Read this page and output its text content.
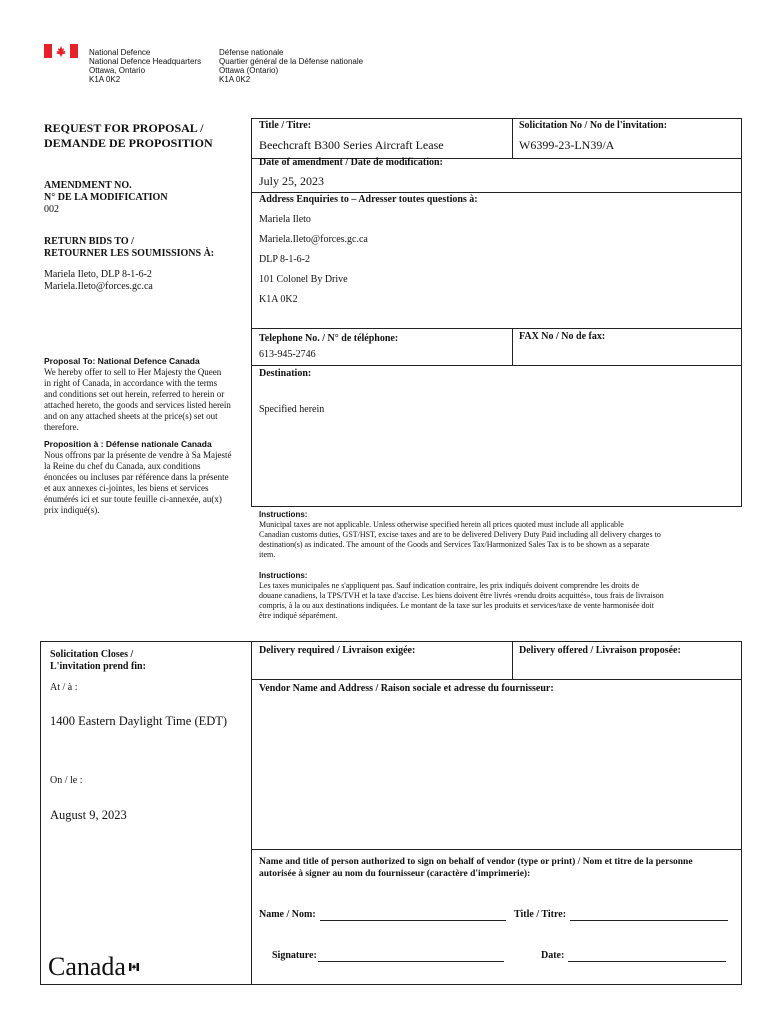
National Defence
National Defence Headquarters
Ottawa, Ontario
K1A 0K2
Défense nationale
Quartier général de la Défense nationale
Ottawa (Ontario)
K1A 0K2
REQUEST FOR PROPOSAL /
DEMANDE DE PROPOSITION
AMENDMENT NO.
N° DE LA MODIFICATION
002
RETURN BIDS TO /
RETOURNER LES SOUMISSIONS À:
Mariela Ileto, DLP 8-1-6-2
Mariela.Ileto@forces.gc.ca
Proposal To: National Defence Canada
We hereby offer to sell to Her Majesty the Queen
in right of Canada, in accordance with the terms
and conditions set out herein, referred to herein or
attached hereto, the goods and services listed herein
and on any attached sheets at the price(s) set out
therefore.
Proposition à : Défense nationale Canada
Nous offrons par la présente de vendre à Sa Majesté
la Reine du chef du Canada, aux conditions
énoncées ou incluses par référence dans la présente
et aux annexes ci-jointes, les biens et services
énumérés ici et sur toute feuille ci-annexée, au(x)
prix indiqué(s).
Title / Titre:
Beechcraft B300 Series Aircraft Lease
Solicitation No / No de l'invitation:
W6399-23-LN39/A
Date of amendment / Date de modification:
July 25, 2023
Address Enquiries to – Adresser toutes questions à:
Mariela Ileto
Mariela.Ileto@forces.gc.ca
DLP 8-1-6-2
101 Colonel By Drive
K1A 0K2
Telephone No. / N° de téléphone:
613-945-2746
FAX No / No de fax:
Destination:
Specified herein
Instructions:
Municipal taxes are not applicable. Unless otherwise specified herein all prices quoted must include all applicable
Canadian customs duties, GST/HST, excise taxes and are to be delivered Delivery Duty Paid including all delivery charges to
destination(s) as indicated. The amount of the Goods and Services Tax/Harmonized Sales Tax is to be shown as a separate
item.
Instructions:
Les taxes municipales ne s'appliquent pas. Sauf indication contraire, les prix indiqués doivent comprendre les droits de
douane canadiens, la TPS/TVH et la taxe d'accise. Les biens doivent être livrés «rendu droits acquittés», tous frais de livraison
compris, à la ou aux destinations indiquées. Le montant de la taxe sur les produits et services/taxe de vente harmonisée doit
être indiqué séparément.
Solicitation Closes /
L'invitation prend fin:
At / à :
1400 Eastern Daylight Time (EDT)
On / le :
August 9, 2023
Delivery required / Livraison exigée:	Delivery offered / Livraison proposée:
Vendor Name and Address / Raison sociale et adresse du fournisseur:
Name and title of person authorized to sign on behalf of vendor (type or print) / Nom et titre de la personne
autorisée à signer au nom du fournisseur (caractère d'imprimerie):
Name / Nom:	Title / Titre:
Signature:	Date:
Canada
